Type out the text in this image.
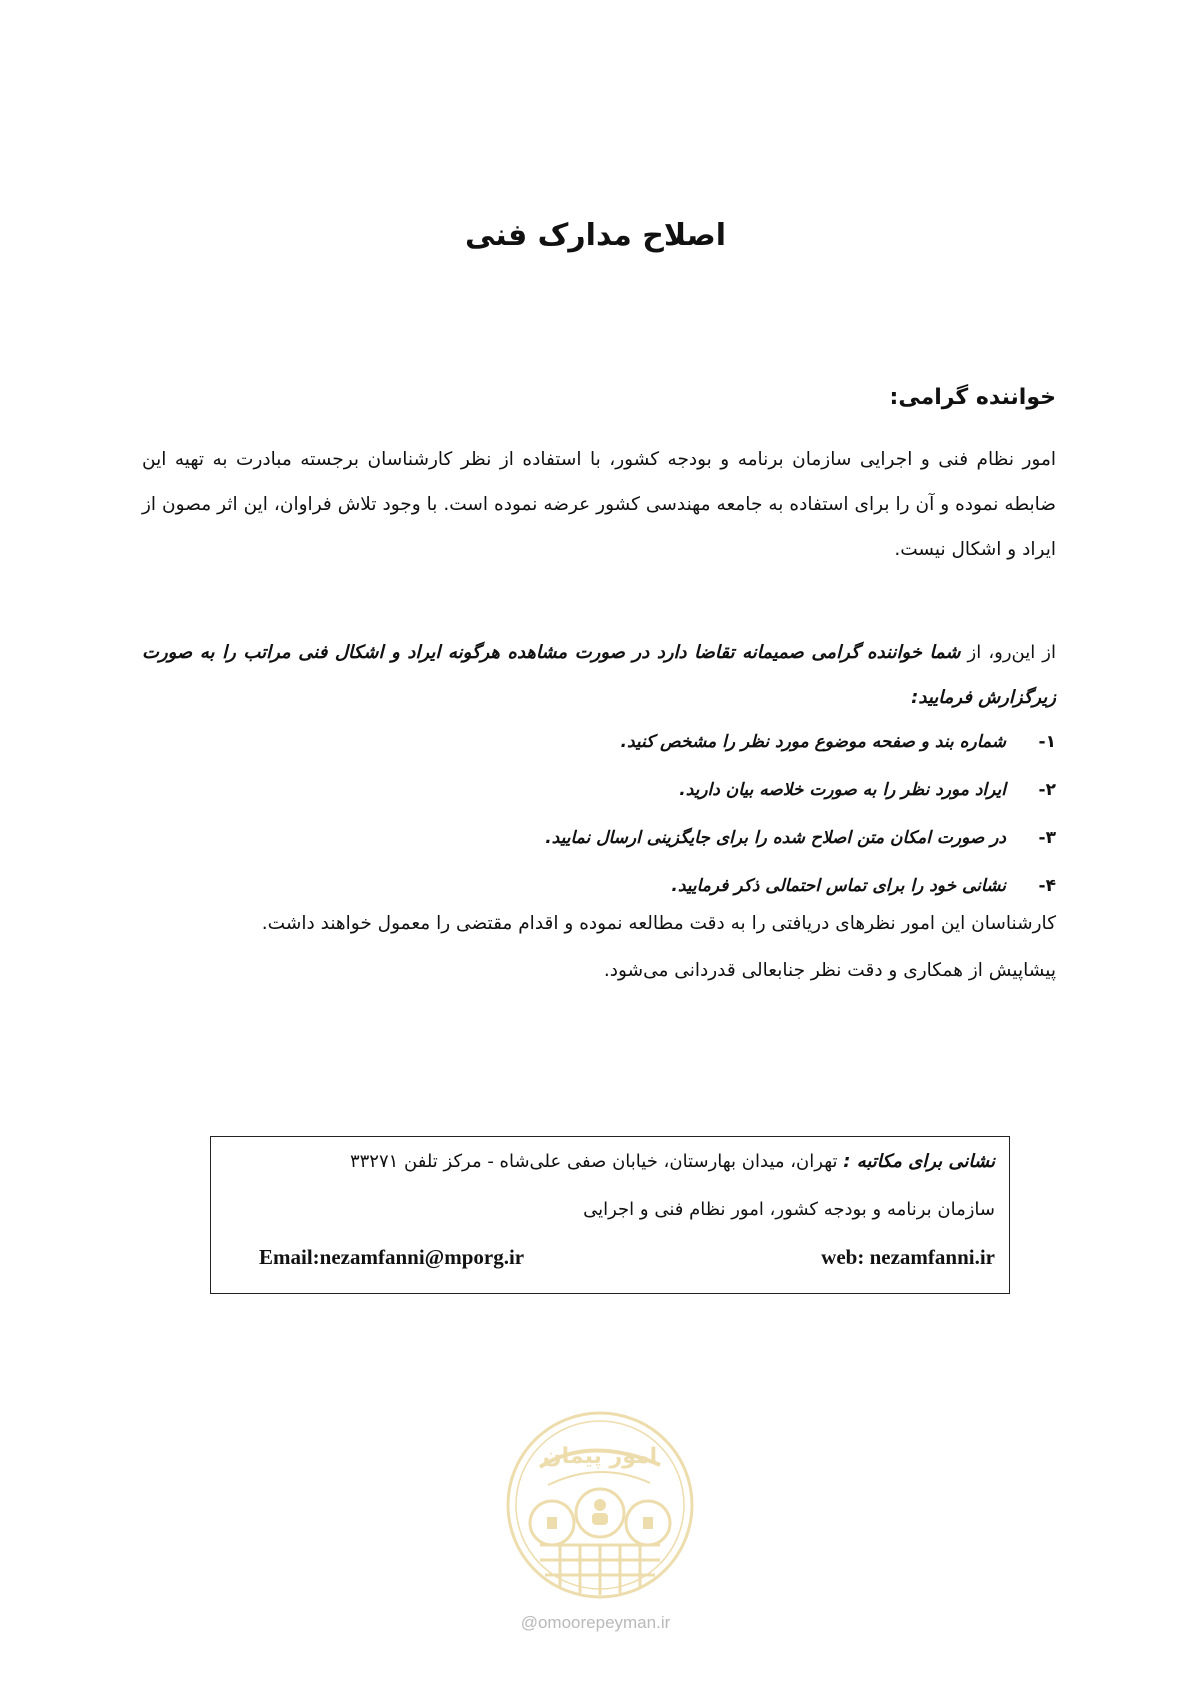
اصلاح مدارک فنی
خواننده گرامی:

امور نظام فنی و اجرایی سازمان برنامه و بودجه کشور، با استفاده از نظر کارشناسان برجسته مبادرت به تهیه این ضابطه نموده و آن را برای استفاده به جامعه مهندسی کشور عرضه نموده است. با وجود تلاش فراوان، این اثر مصون از ایراد و اشکال نیست.

از این‌رو، از شما خواننده گرامی صمیمانه تقاضا دارد در صورت مشاهده هرگونه ایراد و اشکال فنی مراتب را به صورت زیرگزارش فرمایید:

۱-شماره بند و صفحه موضوع مورد نظر را مشخص کنید.
۲-ایراد مورد نظر را به صورت خلاصه بیان دارید.
۳-در صورت امکان متن اصلاح شده را برای جایگزینی ارسال نمایید.
۴-نشانی خود را برای تماس احتمالی ذکر فرمایید.
کارشناسان این امور نظرهای دریافتی را به دقت مطالعه نموده و اقدام مقتضی را معمول خواهند داشت.
پیشاپیش از همکاری و دقت نظر جنابعالی قدردانی می‌شود.
نشانی برای مکاتبه : تهران، میدان بهارستان، خیابان صفی علی‌شاه - مرکز تلفن ۳۳۲۷۱
سازمان برنامه و بودجه کشور، امور نظام فنی و اجرایی
web: nezamfanni.ir
Email:nezamfanni@mporg.ir
امور پیمان
@omoorepeyman.ir
